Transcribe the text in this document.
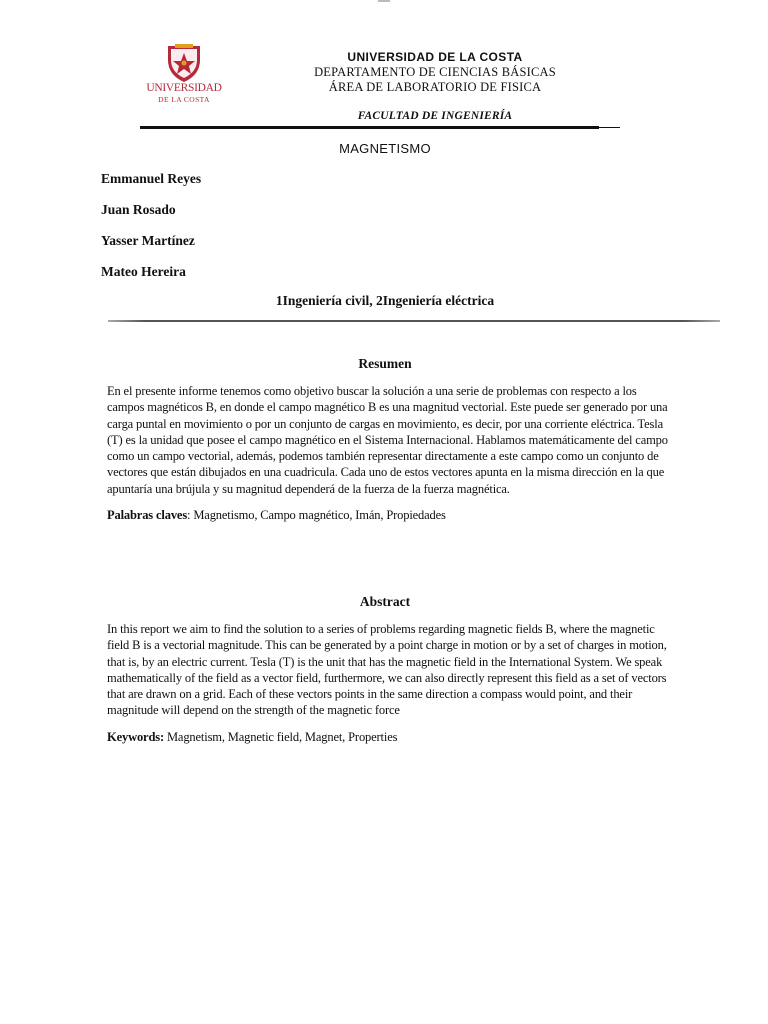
UNIVERSIDAD
DE LA COSTA
UNIVERSIDAD DE LA COSTA
DEPARTAMENTO DE CIENCIAS BÁSICAS
ÁREA DE LABORATORIO DE FISICA
FACULTAD DE INGENIERÍA
MAGNETISMO
Emmanuel Reyes
Juan Rosado
Yasser Martínez
Mateo Hereira
1Ingeniería civil, 2Ingeniería eléctrica
Resumen
En el presente informe tenemos como objetivo buscar la solución a una serie de problemas con respecto a los
campos magnéticos B, en donde el campo magnético B es una magnitud vectorial. Este puede ser generado por una
carga puntal en movimiento o por un conjunto de cargas en movimiento, es decir, por una corriente eléctrica. Tesla
(T) es la unidad que posee el campo magnético en el Sistema Internacional. Hablamos matemáticamente del campo
como un campo vectorial, además, podemos también representar directamente a este campo como un conjunto de
vectores que están dibujados en una cuadricula. Cada uno de estos vectores apunta en la misma dirección en la que
apuntaría una brújula y su magnitud dependerá de la fuerza de la fuerza magnética.
Palabras claves: Magnetismo, Campo magnético, Imán, Propiedades
Abstract
In this report we aim to find the solution to a series of problems regarding magnetic fields B, where the magnetic
field B is a vectorial magnitude. This can be generated by a point charge in motion or by a set of charges in motion,
that is, by an electric current. Tesla (T) is the unit that has the magnetic field in the International System. We speak
mathematically of the field as a vector field, furthermore, we can also directly represent this field as a set of vectors
that are drawn on a grid. Each of these vectors points in the same direction a compass would point, and their
magnitude will depend on the strength of the magnetic force
Keywords: Magnetism, Magnetic field, Magnet, Properties
